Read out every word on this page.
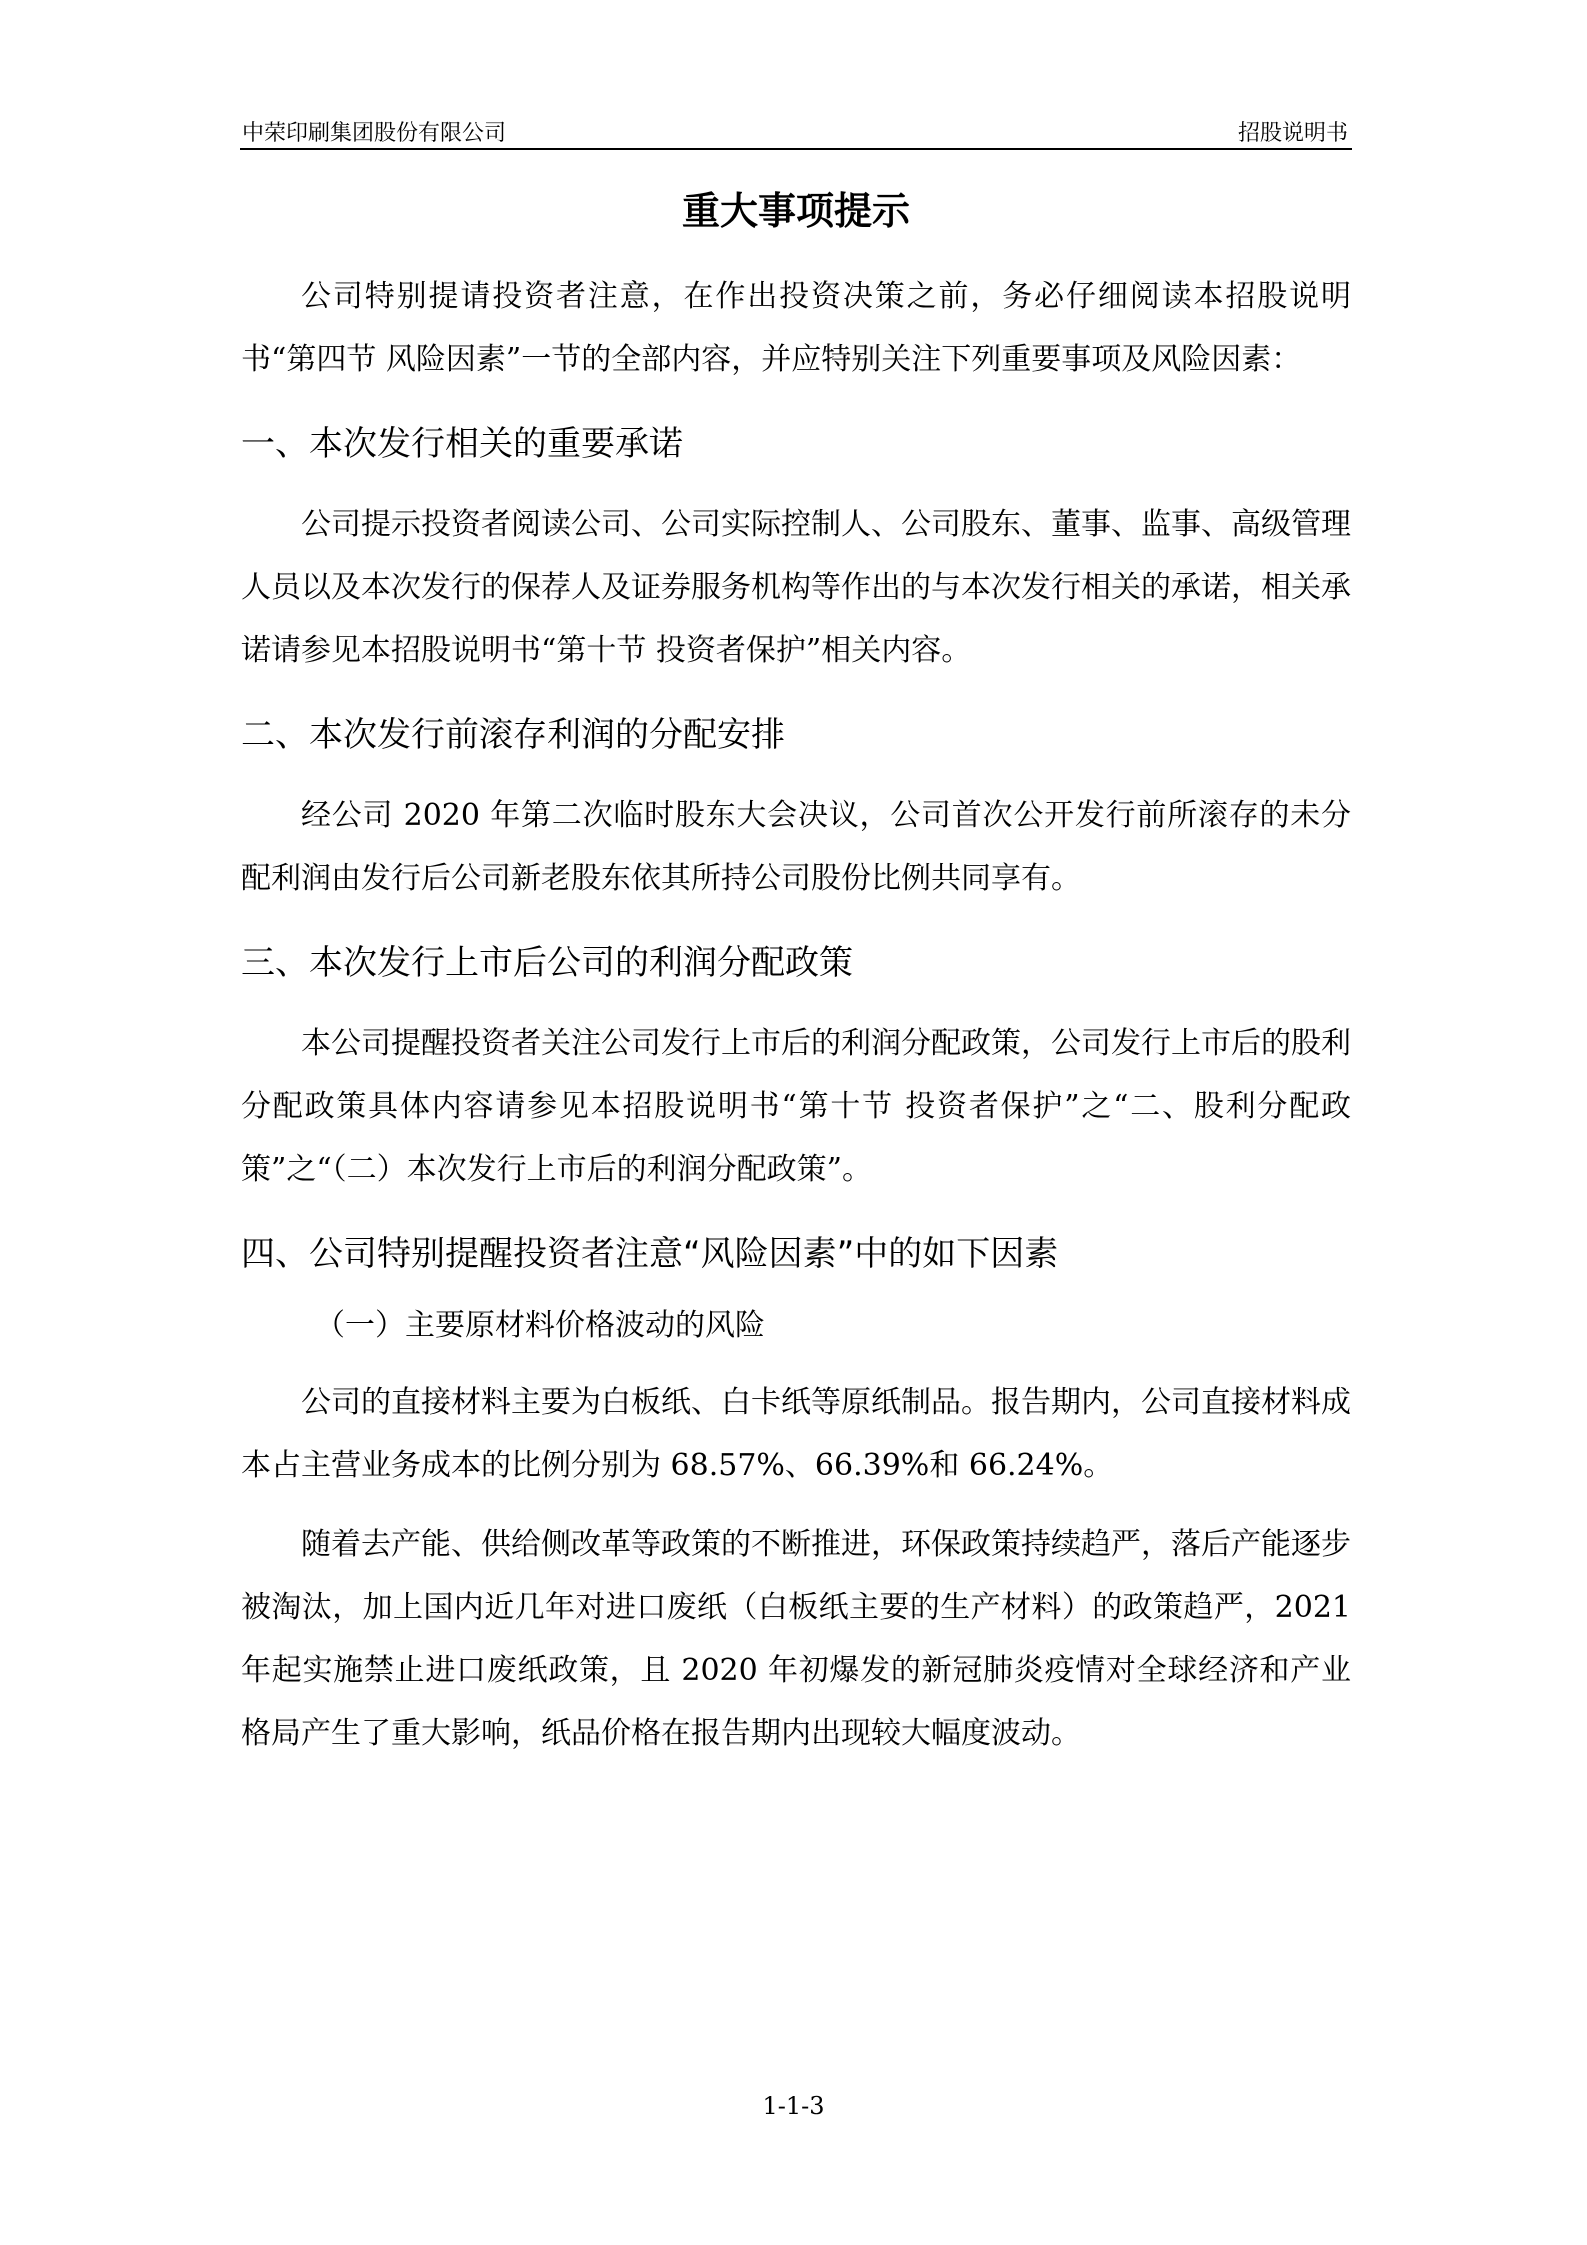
中荣印刷集团股份有限公司	招股说明书
重大事项提示

公司特别提请投资者注意，在作出投资决策之前，务必仔细阅读本招股说明书“第四节 风险因素”一节的全部内容，并应特别关注下列重要事项及风险因素：

一、本次发行相关的重要承诺

公司提示投资者阅读公司、公司实际控制人、公司股东、董事、监事、高级管理人员以及本次发行的保荐人及证券服务机构等作出的与本次发行相关的承诺，相关承诺请参见本招股说明书“第十节 投资者保护”相关内容。

二、本次发行前滚存利润的分配安排

经公司 2020 年第二次临时股东大会决议，公司首次公开发行前所滚存的未分配利润由发行后公司新老股东依其所持公司股份比例共同享有。

三、本次发行上市后公司的利润分配政策

本公司提醒投资者关注公司发行上市后的利润分配政策，公司发行上市后的股利分配政策具体内容请参见本招股说明书“第十节 投资者保护”之“二、股利分配政策”之“（二）本次发行上市后的利润分配政策”。

四、公司特别提醒投资者注意“风险因素”中的如下因素
（一）主要原材料价格波动的风险

公司的直接材料主要为白板纸、白卡纸等原纸制品。报告期内，公司直接材料成本占主营业务成本的比例分别为 68.57%、66.39%和 66.24%。

随着去产能、供给侧改革等政策的不断推进，环保政策持续趋严，落后产能逐步被淘汰，加上国内近几年对进口废纸（白板纸主要的生产材料）的政策趋严，2021 年起实施禁止进口废纸政策，且 2020 年初爆发的新冠肺炎疫情对全球经济和产业格局产生了重大影响，纸品价格在报告期内出现较大幅度波动。

1-1-3
